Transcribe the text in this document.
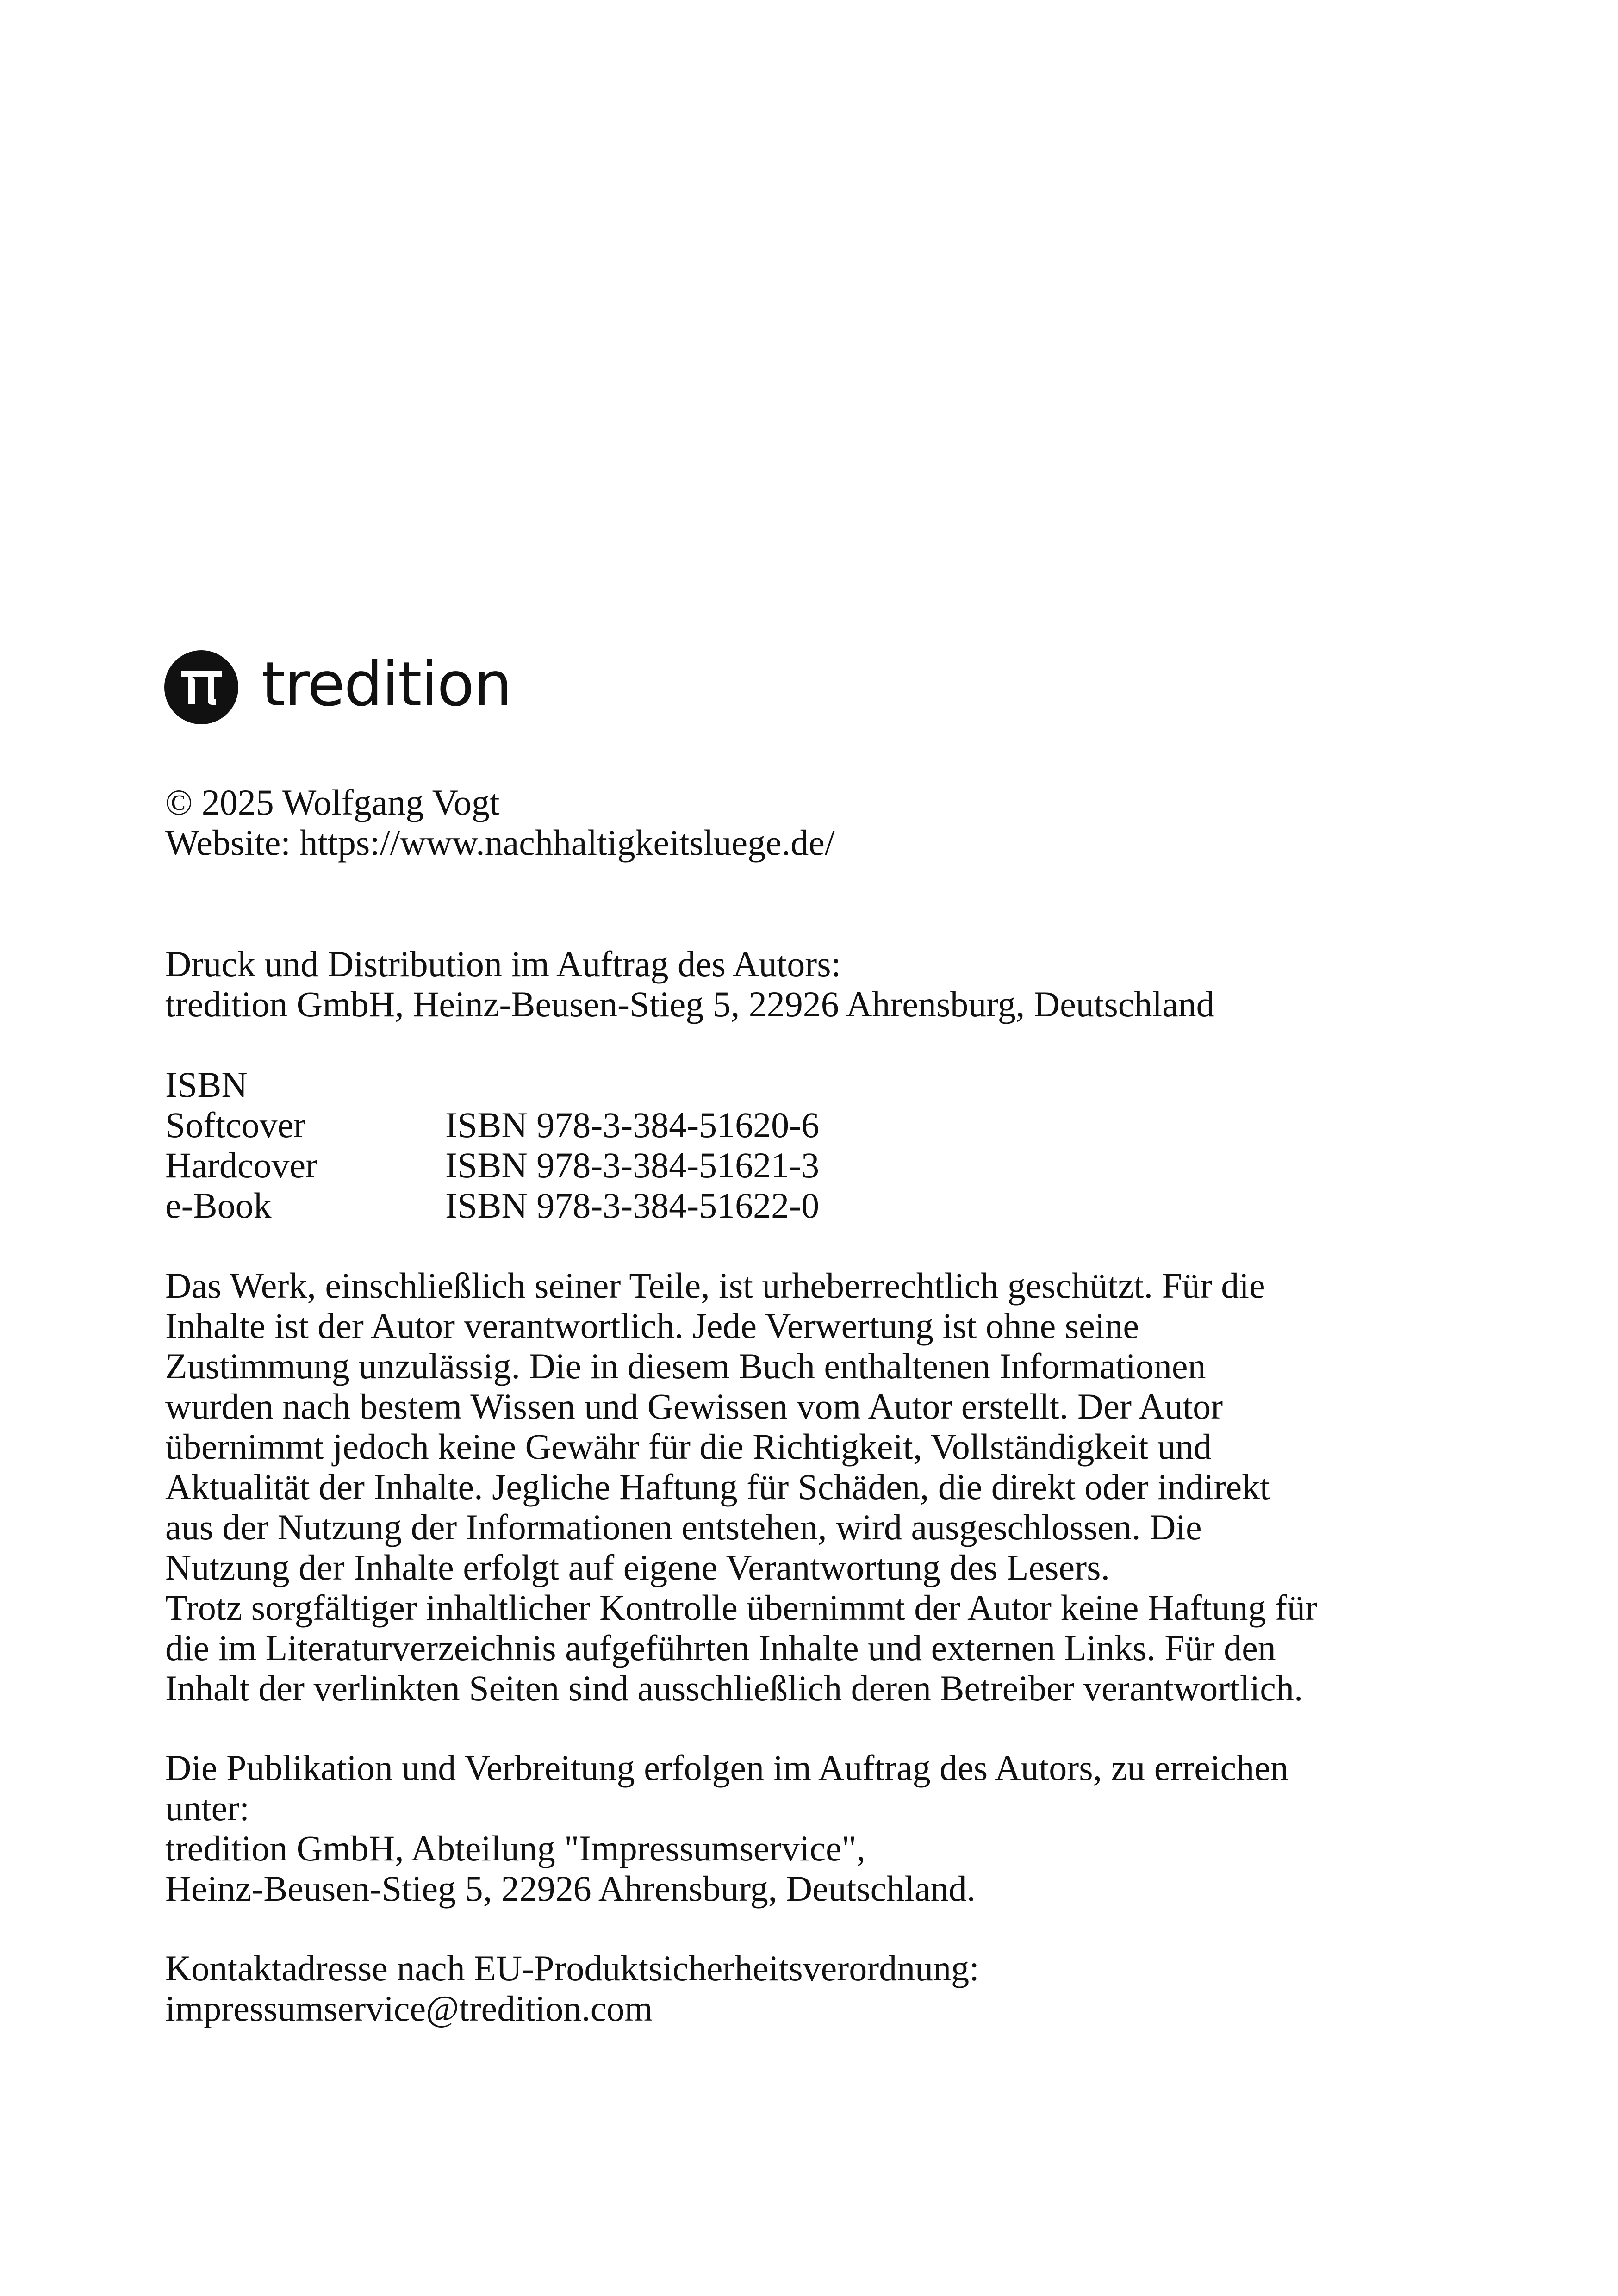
tredition

© 2025 Wolfgang Vogt

Website: https://www.nachhaltigkeitsluege.de/

Druck und Distribution im Auftrag des Autors:

tredition GmbH, Heinz-Beusen-Stieg 5, 22926 Ahrensburg, Deutschland

ISBN

Softcover	ISBN 978-3-384-51620-6
Hardcover	ISBN 978-3-384-51621-3
e-Book	ISBN 978-3-384-51622-0

Das Werk, einschließlich seiner Teile, ist urheberrechtlich geschützt. Für die

Inhalte ist der Autor verantwortlich. Jede Verwertung ist ohne seine

Zustimmung unzulässig. Die in diesem Buch enthaltenen Informationen

wurden nach bestem Wissen und Gewissen vom Autor erstellt. Der Autor

übernimmt jedoch keine Gewähr für die Richtigkeit, Vollständigkeit und

Aktualität der Inhalte. Jegliche Haftung für Schäden, die direkt oder indirekt

aus der Nutzung der Informationen entstehen, wird ausgeschlossen. Die

Nutzung der Inhalte erfolgt auf eigene Verantwortung des Lesers.

Trotz sorgfältiger inhaltlicher Kontrolle übernimmt der Autor keine Haftung für

die im Literaturverzeichnis aufgeführten Inhalte und externen Links. Für den

Inhalt der verlinkten Seiten sind ausschließlich deren Betreiber verantwortlich.

Die Publikation und Verbreitung erfolgen im Auftrag des Autors, zu erreichen

unter:

tredition GmbH, Abteilung "Impressumservice",

Heinz-Beusen-Stieg 5, 22926 Ahrensburg, Deutschland.

Kontaktadresse nach EU-Produktsicherheitsverordnung:

impressumservice@tredition.com
